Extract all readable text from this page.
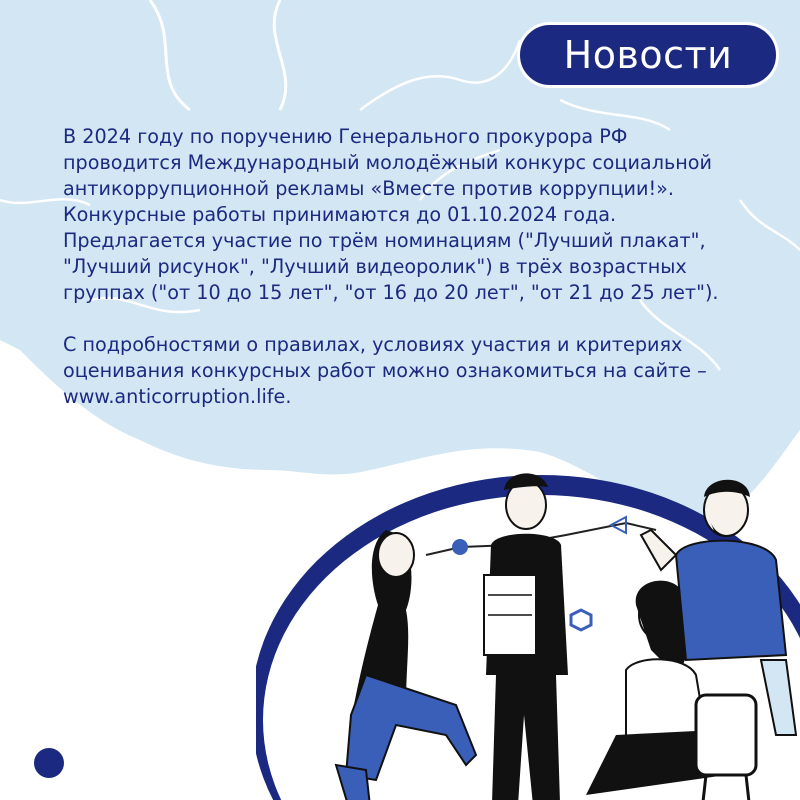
Новости

В 2024 году по поручению Генерального прокурора РФ

проводится Международный молодёжный конкурс социальной

антикоррупционной рекламы «Вместе против коррупции!».

Конкурсные работы принимаются до 01.10.2024 года.

Предлагается участие по трём номинациям ("Лучший плакат",

"Лучший рисунок", "Лучший видеоролик") в трёх возрастных

группах ("от 10 до 15 лет", "от 16 до 20 лет", "от 21 до 25 лет").

С подробностями о правилах, условиях участия и критериях

оценивания конкурсных работ можно ознакомиться на сайте –

www.anticorruption.life.
